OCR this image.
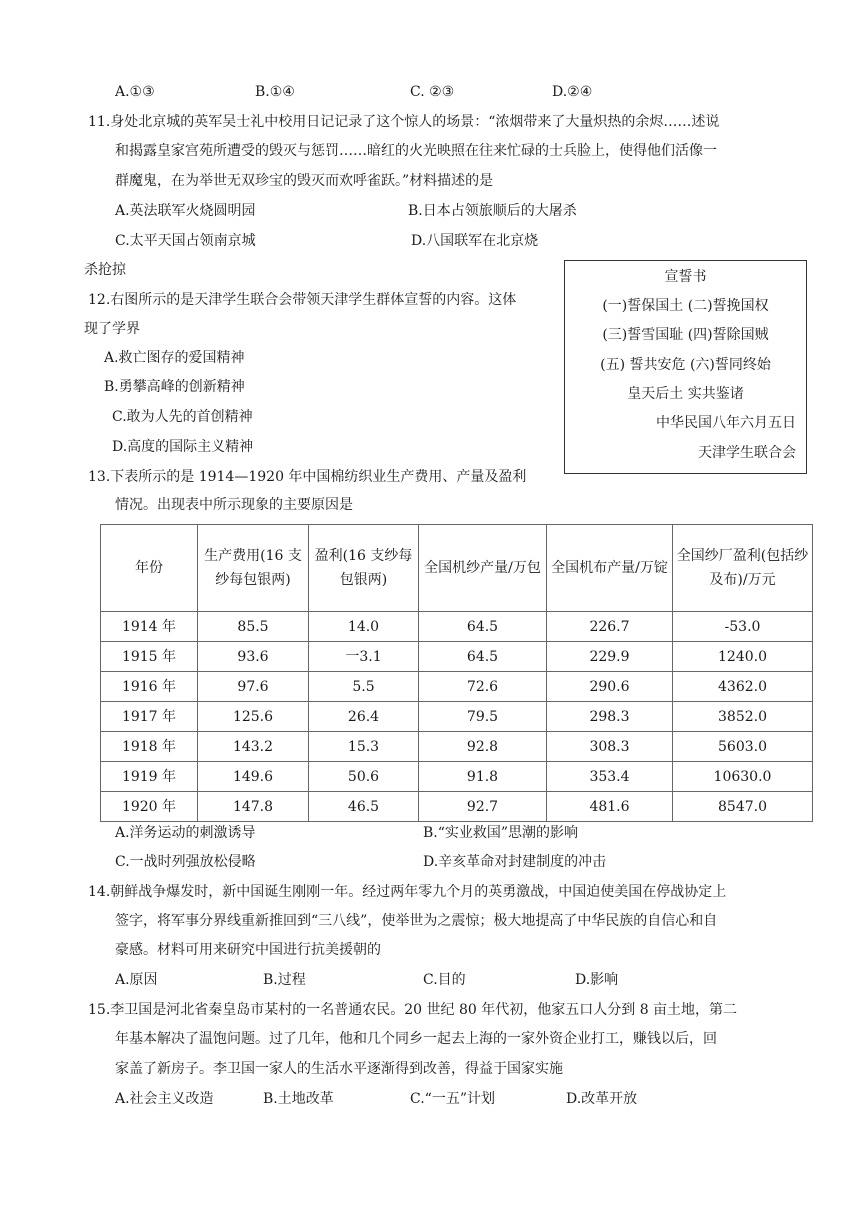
A.①③	B.①④	C. ②③	D.②④
11.身处北京城的英军吴士礼中校用日记记录了这个惊人的场景：“浓烟带来了大量炽热的余烬……述说
和揭露皇家宫苑所遭受的毁灭与惩罚……暗红的火光映照在往来忙碌的士兵脸上，使得他们活像一
群魔鬼，在为举世无双珍宝的毁灭而欢呼雀跃。”材料描述的是
A.英法联军火烧圆明园	B.日本占领旅顺后的大屠杀
C.太平天国占领南京城	D.八国联军在北京烧
杀抢掠
12.右图所示的是天津学生联合会带领天津学生群体宣誓的内容。这体
现了学界
A.救亡图存的爱国精神
B.勇攀高峰的创新精神
C.敢为人先的首创精神
D.高度的国际主义精神
宣誓书
(一)誓保国土 (二)誓挽国权
(三)誓雪国耻 (四)誓除国贼
(五) 誓共安危 (六)誓同终始
皇天后土 实共鉴诸
中华民国八年六月五日
天津学生联合会
13.下表所示的是 1914—1920 年中国棉纺织业生产费用、产量及盈利
情况。出现表中所示现象的主要原因是
年份	生产费用(16 支纱每包银两)	盈利(16 支纱每包银两)	全国机纱产量/万包	全国机布产量/万锭	全国纱厂盈利(包括纱及布)/万元
1914 年	85.5	14.0	64.5	226.7	-53.0
1915 年	93.6	一3.1	64.5	229.9	1240.0
1916 年	97.6	5.5	72.6	290.6	4362.0
1917 年	125.6	26.4	79.5	298.3	3852.0
1918 年	143.2	15.3	92.8	308.3	5603.0
1919 年	149.6	50.6	91.8	353.4	10630.0
1920 年	147.8	46.5	92.7	481.6	8547.0
A.洋务运动的刺激诱导	B.“实业救国”思潮的影响
C.一战时列强放松侵略	D.辛亥革命对封建制度的冲击
14.朝鲜战争爆发时，新中国诞生刚刚一年。经过两年零九个月的英勇激战，中国迫使美国在停战协定上
签字，将军事分界线重新推回到“三八线”，使举世为之震惊；极大地提高了中华民族的自信心和自
豪感。材料可用来研究中国进行抗美援朝的
A.原因	B.过程	C.目的	D.影响
15.李卫国是河北省秦皇岛市某村的一名普通农民。20 世纪 80 年代初，他家五口人分到 8 亩土地，第二
年基本解决了温饱问题。过了几年，他和几个同乡一起去上海的一家外资企业打工，赚钱以后，回
家盖了新房子。李卫国一家人的生活水平逐渐得到改善，得益于国家实施
A.社会主义改造	B.土地改革	C.“一五”计划	D.改革开放
